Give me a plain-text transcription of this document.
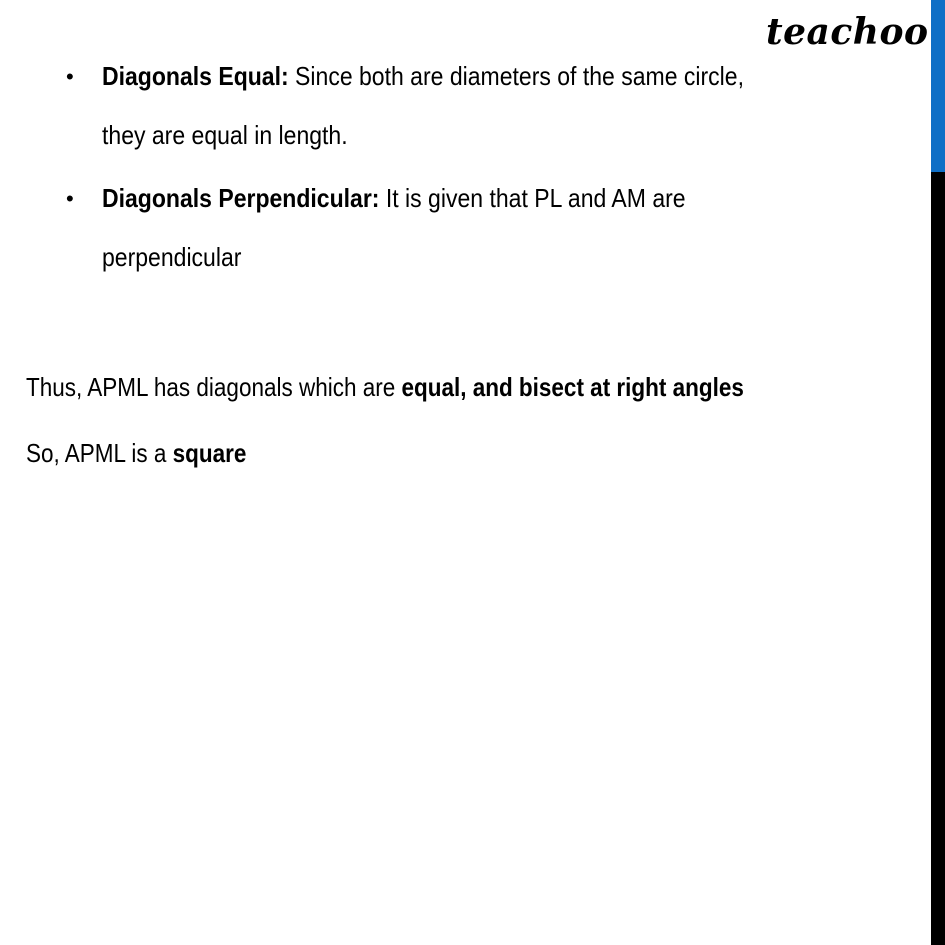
teachoo
• Diagonals Equal: Since both are diameters of the same circle,
they are equal in length.
• Diagonals Perpendicular: It is given that PL and AM are
perpendicular
Thus, APML has diagonals which are equal, and bisect at right angles
So, APML is a square
